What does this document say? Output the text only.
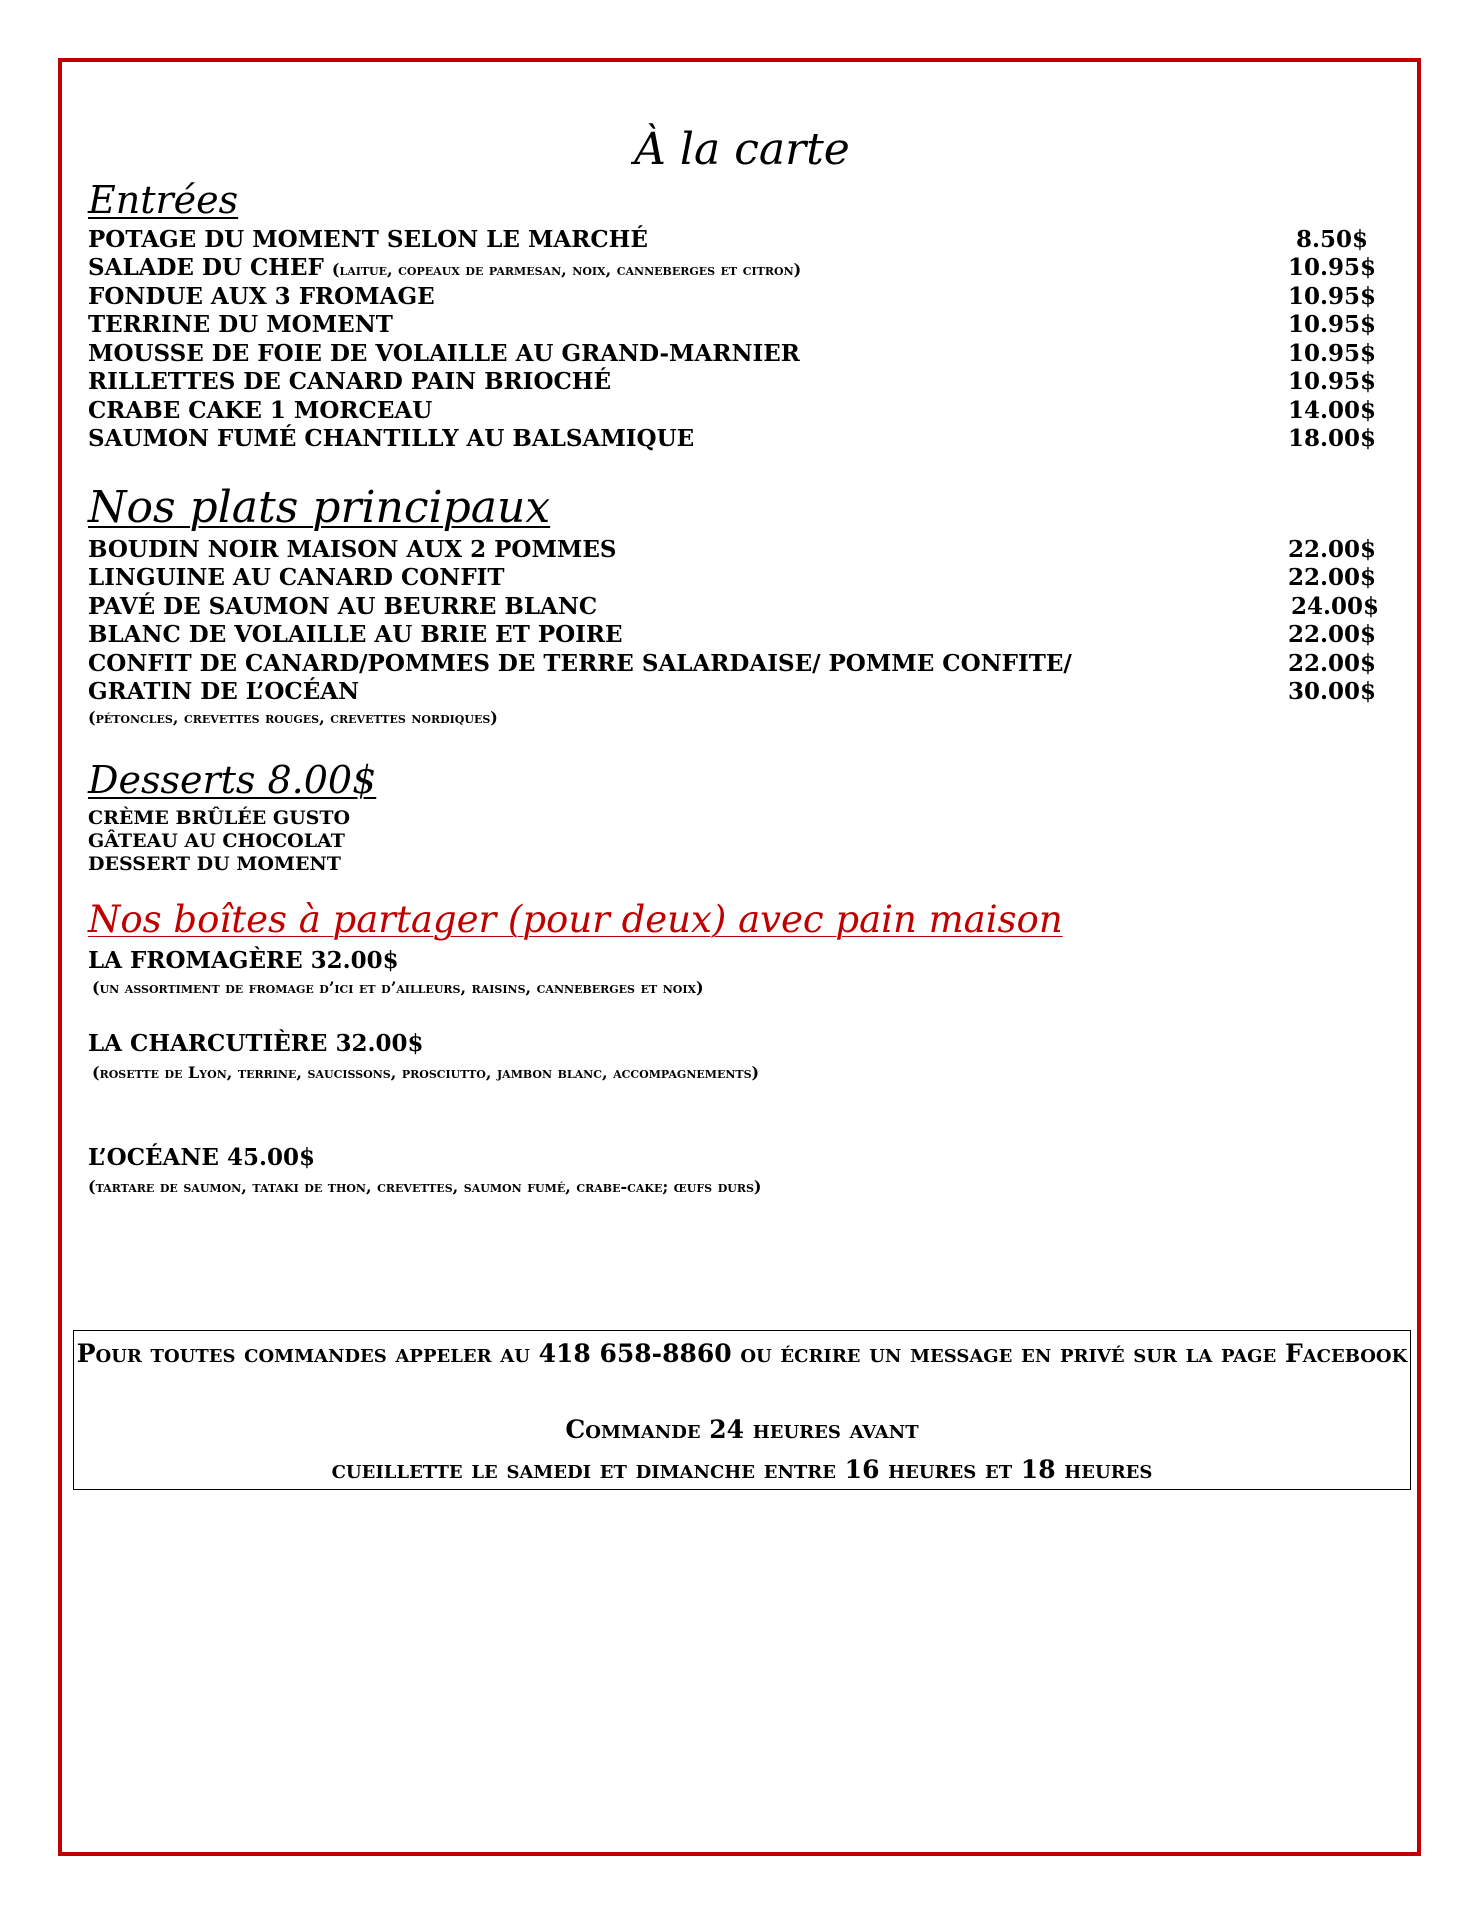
À la carte
Entrées
POTAGE DU MOMENT SELON LE MARCHÉ	8.50$
SALADE DU CHEF (laitue, copeaux de parmesan, noix, canneberges et citron)	10.95$
FONDUE AUX 3 FROMAGE	10.95$
TERRINE DU MOMENT	10.95$
MOUSSE DE FOIE DE VOLAILLE AU GRAND-MARNIER	10.95$
RILLETTES DE CANARD PAIN BRIOCHÉ	10.95$
CRABE CAKE 1 MORCEAU	14.00$
SAUMON FUMÉ CHANTILLY AU BALSAMIQUE	18.00$
Nos plats principaux
BOUDIN NOIR MAISON AUX 2 POMMES	22.00$
LINGUINE AU CANARD CONFIT	22.00$
PAVÉ DE SAUMON AU BEURRE BLANC	24.00$
BLANC DE VOLAILLE AU BRIE ET POIRE	22.00$
CONFIT DE CANARD/POMMES DE TERRE SALARDAISE/ POMME CONFITE/	22.00$
GRATIN DE L’OCÉAN	30.00$
(pétoncles, crevettes rouges, crevettes nordiques)
Desserts 8.00$
CRÈME BRÛLÉE GUSTO
GÂTEAU AU CHOCOLAT
DESSERT DU MOMENT
Nos boîtes à partager (pour deux) avec pain maison
LA FROMAGÈRE 32.00$
(un assortiment de fromage d’ici et d’ailleurs, raisins, canneberges et noix)
LA CHARCUTIÈRE 32.00$
(rosette de Lyon, terrine, saucissons, prosciutto, jambon blanc, accompagnements)
L’OCÉANE 45.00$
(tartare de saumon, tataki de thon, crevettes, saumon fumé, crabe-cake; œufs durs)
Pour toutes commandes appeler au 418 658-8860 ou écrire un message en privé sur la page Facebook
Commande 24 heures avant
cueillette le samedi et dimanche entre 16 heures et 18 heures
